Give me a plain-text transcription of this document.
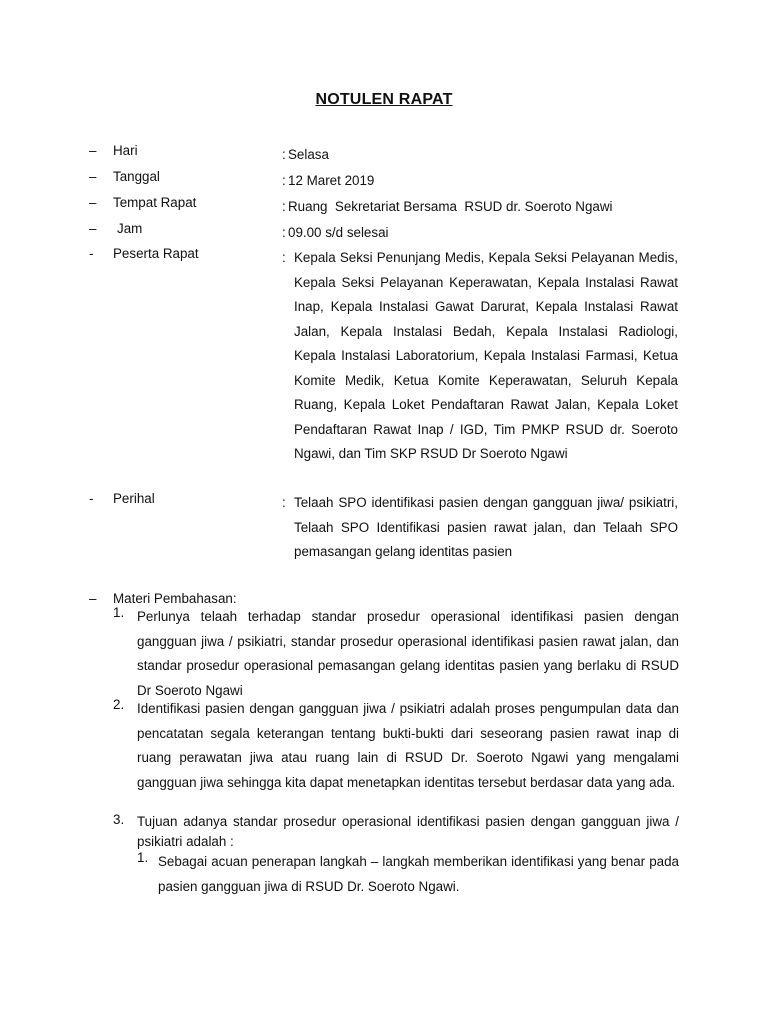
NOTULEN RAPAT
– Hari	: Selasa
– Tanggal	: 12 Maret 2019
– Tempat Rapat	: Ruang  Sekretariat Bersama  RSUD dr. Soeroto Ngawi
– Jam	: 09.00 s/d selesai
- Peserta Rapat	: Kepala Seksi Penunjang Medis, Kepala Seksi Pelayanan Medis, Kepala Seksi Pelayanan Keperawatan, Kepala Instalasi Rawat Inap, Kepala Instalasi Gawat Darurat, Kepala Instalasi Rawat Jalan, Kepala Instalasi Bedah, Kepala Instalasi Radiologi, Kepala Instalasi Laboratorium, Kepala Instalasi Farmasi, Ketua Komite Medik, Ketua Komite Keperawatan, Seluruh Kepala Ruang, Kepala Loket Pendaftaran Rawat Jalan, Kepala Loket Pendaftaran Rawat Inap / IGD, Tim PMKP RSUD dr. Soeroto Ngawi, dan Tim SKP RSUD Dr Soeroto Ngawi
- Perihal	: Telaah SPO identifikasi pasien dengan gangguan jiwa/ psikiatri, Telaah SPO Identifikasi pasien rawat jalan, dan Telaah SPO pemasangan gelang identitas pasien
– Materi Pembahasan:
1. Perlunya telaah terhadap standar prosedur operasional identifikasi pasien dengan gangguan jiwa / psikiatri, standar prosedur operasional identifikasi pasien rawat jalan, dan standar prosedur operasional pemasangan gelang identitas pasien yang berlaku di RSUD Dr Soeroto Ngawi
2. Identifikasi pasien dengan gangguan jiwa / psikiatri adalah proses pengumpulan data dan pencatatan segala keterangan tentang bukti-bukti dari seseorang pasien rawat inap di ruang perawatan jiwa atau ruang lain di RSUD Dr. Soeroto Ngawi yang mengalami gangguan jiwa sehingga kita dapat menetapkan identitas tersebut berdasar data yang ada.
3. Tujuan adanya standar prosedur operasional identifikasi pasien dengan gangguan jiwa / psikiatri adalah :
1. Sebagai acuan penerapan langkah – langkah memberikan identifikasi yang benar pada pasien gangguan jiwa di RSUD Dr. Soeroto Ngawi.
